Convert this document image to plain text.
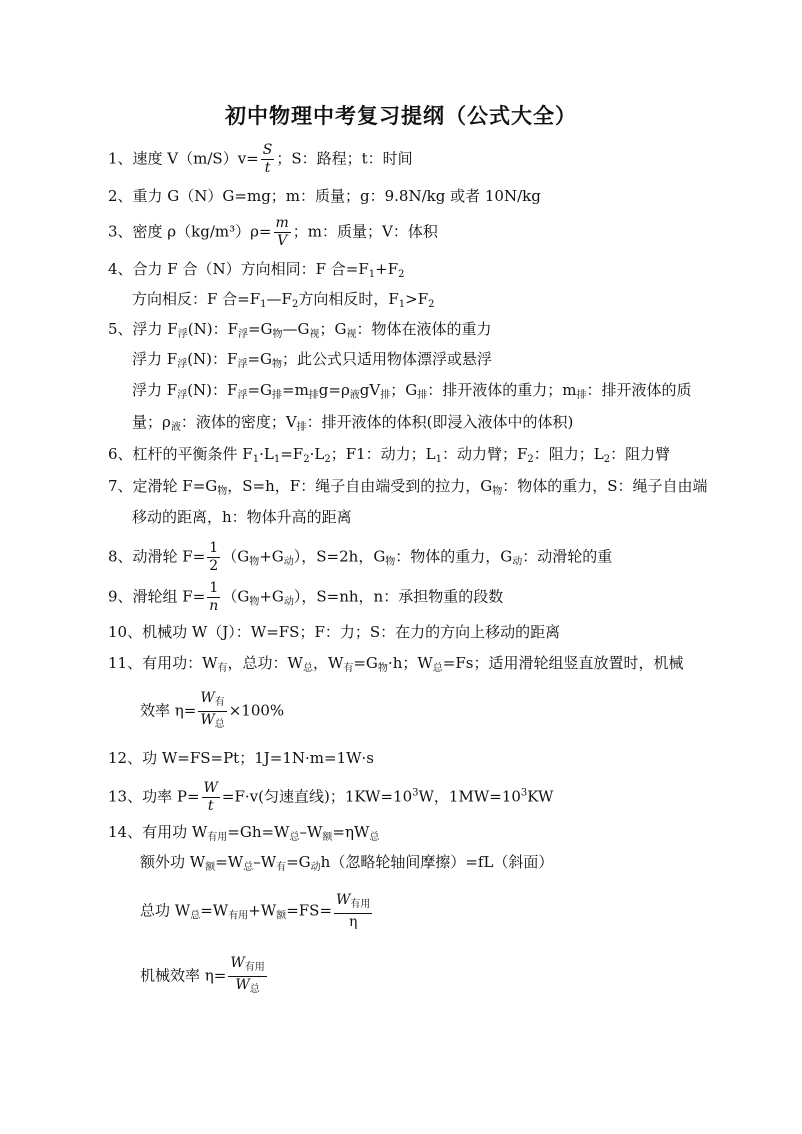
初中物理中考复习提纲（公式大全）
1、速度 $V(m/S)v= \frac{S}{t}$ ；S：路程；t：时间
2、重力 G（N）G=mg；m：质量；g：9.8N/kg 或者 10N/kg
3、密度 $\rho(kg/m^3)\rho= \frac{m}{V}$ ；m：质量；V：体积
4、合力 F 合（N）方向相同：F 合$=F_1+F_2$
方向相反：F 合$=F_1—F_2$方向相反时，$F_1>F_2$
5、浮力 $F_浮(N)$：$F_浮=G_物—G_视$；$G_视$：物体在液体的重力
浮力 $F_浮(N)$：$F_浮=G_物$；此公式只适用物体漂浮或悬浮
浮力 $F_浮(N)$：$F_浮=G_排=m_排g=\rho_液gV_排$；$G_排$：排开液体的重力；$m_排$：排开液体的质
量；$\rho_液$：液体的密度；$V_排$：排开液体的体积(即浸入液体中的体积)
6、杠杆的平衡条件 $F_1\cdot L_1=F_2\cdot L_2$；F1：动力；$L_1$：动力臂；$F_2$：阻力；$L_2$：阻力臂
7、定滑轮 $F=G_物$，S=h，F：绳子自由端受到的拉力，$G_物$：物体的重力，S：绳子自由端
移动的距离，h：物体升高的距离
8、动滑轮 $F= \frac{1}{2} (G_物+G_动)$，S=2h，$G_物$：物体的重力，$G_动$：动滑轮的重
9、滑轮组 $F= \frac{1}{n} (G_物+G_动)$，S=nh，n：承担物重的段数
10、机械功 W（J）：W=FS；F：力；S：在力的方向上移动的距离
11、有用功：$W_有$，总功：$W_总$，$W_有=G_物\cdot h$；$W_总=Fs$；适用滑轮组竖直放置时，机械
效率 $\eta= \frac{W_有}{W_总} \times 100\%$
12、功 W=FS=Pt；1J=1N·m=1W·s
13、功率 $P= \frac{W}{t} =F\cdot v$(匀速直线)；$1KW=10^3W$，$1MW=10^3KW$
14、有用功 $W_{有用}=Gh=W_总-W_额=\eta W_总$
额外功 $W_额=W_总-W_有=G_动h$（忽略轮轴间摩擦）=fL（斜面）
总功 $W_总=W_{有用}+W_额=FS= \frac{W_{有用}}{\eta}$
机械效率 $\eta= \frac{W_{有用}}{W_总}$
